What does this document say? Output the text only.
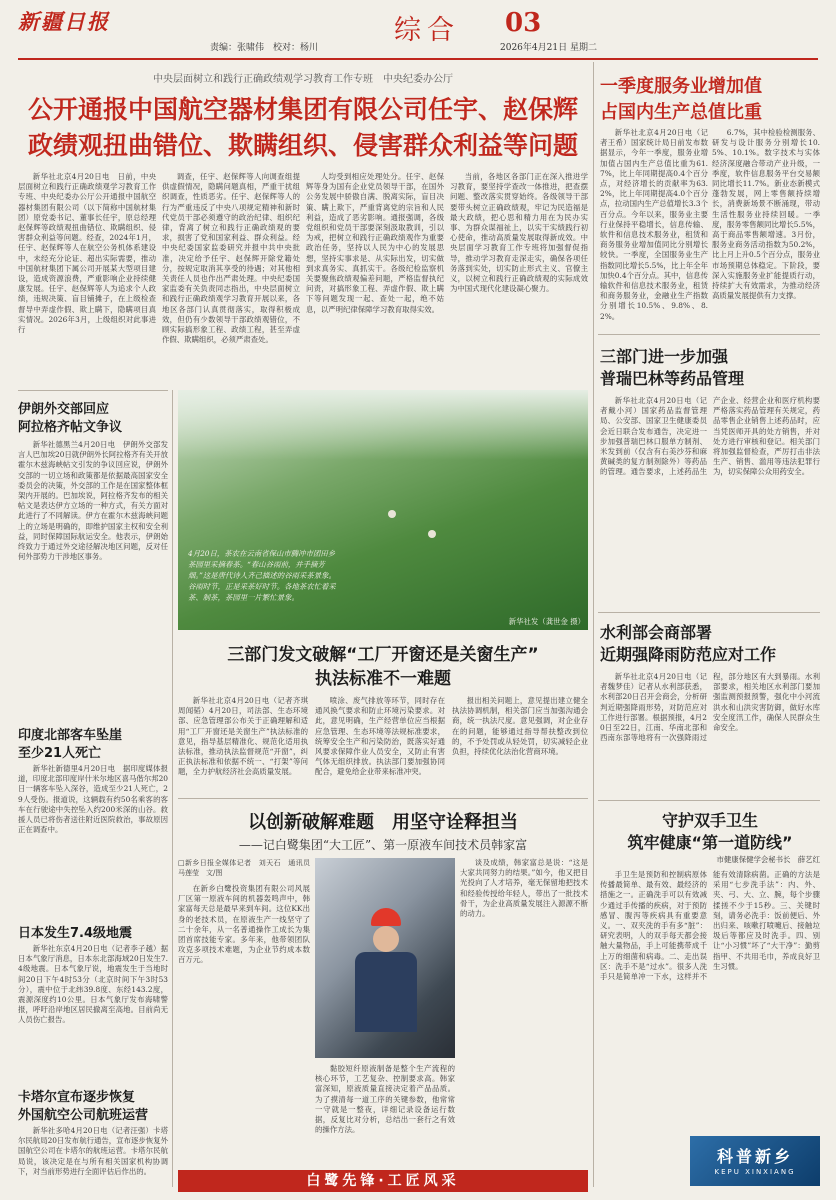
新疆日报
责编：张啸伟　校对：杨川
综合	03
2026年4月21日 星期二
中央层面树立和践行正确政绩观学习教育工作专班　中央纪委办公厅
公开通报中国航空器材集团有限公司任宇、赵保辉
政绩观扭曲错位、欺瞒组织、侵害群众利益等问题

新华社北京4月20日电　日前，中央层面树立和践行正确政绩观学习教育工作专班、中央纪委办公厅公开通报中国航空器材集团有限公司（以下简称中国航材集团）原党委书记、董事长任宇，原总经理赵保辉等政绩观扭曲错位、欺瞒组织、侵害群众利益等问题。经查，2024年1月，任宇、赵保辉等人在航空公务机体系建设中，未经充分论证、超出实际需要，推动中国航材集团下属公司开展某大型项目建设，造成资源浪费，严重影响企业持续健康发展。任宇、赵保辉等人为追求个人政绩，违规决策、盲目铺摊子，在上级检查督导中弄虚作假、欺上瞒下，隐瞒项目真实情况。2026年3月，上级组织对此事进行

调查，任宇、赵保辉等人向调查组提供虚假情况，隐瞒问题真相，严重干扰组织调查，性质恶劣。任宇、赵保辉等人的行为严重违反了中央八项规定精神和新时代党员干部必须遵守的政治纪律、组织纪律，背离了树立和践行正确政绩观的要求，损害了党和国家利益、群众利益。经中央纪委国家监委研究并报中共中央批准，决定给予任宇、赵保辉开除党籍处分，按规定取消其享受的待遇；对其他相关责任人员也作出严肃处理。中央纪委国家监委有关负责同志指出，中央层面树立和践行正确政绩观学习教育开展以来，各地区各部门认真贯彻落实，取得积极成效，但仍有少数领导干部政绩观错位，不顾实际搞形象工程、政绩工程，甚至弄虚作假、欺瞒组织，必须严肃查处。

人均受到相应处理处分。任宇、赵保辉等身为国有企业党员领导干部，在国外公务发展中骄傲自满、脱离实际，盲目决策、瞒上欺下，严重背离党的宗旨和人民利益，造成了恶劣影响。通报强调，各级党组织和党员干部要深刻汲取教训，引以为戒，把树立和践行正确政绩观作为重要政治任务，坚持以人民为中心的发展思想，坚持实事求是、从实际出发，切实做到求真务实、真抓实干。各级纪检监察机关要聚焦政绩观偏差问题，严格监督执纪问责，对搞形象工程、弄虚作假、欺上瞒下等问题发现一起、查处一起，绝不姑息，以严明纪律保障学习教育取得实效。

当前，各地区各部门正在深入推进学习教育，要坚持学查改一体推进，把查摆问题、整改落实贯穿始终。各级领导干部要带头树立正确政绩观，牢记为民造福是最大政绩，把心思和精力用在为民办实事、为群众谋福祉上，以实干实绩践行初心使命，推动高质量发展取得新成效。中央层面学习教育工作专班将加强督促指导，推动学习教育走深走实，确保各项任务落到实处，切实防止形式主义、官僚主义，以树立和践行正确政绩观的实际成效为中国式现代化建设凝心聚力。

一季度服务业增加值
占国内生产总值比重

新华社北京4月20日电（记者王希）国家统计局日前发布数据显示，今年一季度，服务业增加值占国内生产总值比重为61.7%，比上年同期提高0.4个百分点，对经济增长的贡献率为63.2%，比上年同期提高4.0个百分点，拉动国内生产总值增长3.3个百分点。今年以来，服务业主要行业保持平稳增长，信息传输、软件和信息技术服务业，租赁和商务服务业增加值同比分别增长较快。一季度，全国服务业生产指数同比增长5.5%，比上年全年加快0.4个百分点。其中，信息传输软件和信息技术服务业，租赁和商务服务业，金融业生产指数分别增长10.5%、9.8%、8.2%。

6.7%，其中检验检测服务、研发与设计服务分别增长10.5%、10.1%。数字技术与实体经济深度融合带动产业升级，一季度，软件信息服务平台交易额同比增长11.7%。新业态新模式蓬勃发展，网上零售额持续增长，消费新场景不断涌现，带动生活性服务业持续回暖。一季度，服务零售额同比增长5.5%，高于商品零售额增速。3月份，服务业商务活动指数为50.2%，比上月上升0.5个百分点，服务业市场预期总体稳定。下阶段，要深入实施服务业扩能提质行动，持续扩大有效需求，为推动经济高质量发展提供有力支撑。

伊朗外交部回应
阿拉格齐帖文争议

新华社德黑兰4月20日电　伊朗外交部发言人巴加埃20日就伊朗外长阿拉格齐有关开放霍尔木兹海峡帖文引发的争议回应说，伊朗外交部的一切立场和政策都是依据最高国家安全委员会的决策，外交部的工作是在国家整体框架内开展的。巴加埃说，阿拉格齐发布的相关帖文是表达伊方立场的一种方式，有关方面对此进行了不同解读。伊方在霍尔木兹海峡问题上的立场是明确的，即维护国家主权和安全利益，同时保障国际航运安全。他表示，伊朗始终致力于通过外交途径解决地区问题，反对任何外部势力干涉地区事务。

印度北部客车坠崖
至少21人死亡

新华社新德里4月20日电　据印度媒体报道，印度北部印度岸什米尔地区喜马偕尔邦20日一辆客车坠入深谷，造成至少21人死亡，29人受伤。报道说，这辆载有约50名乘客的客车在行驶途中失控坠入约200米深的山谷。救援人员已将伤者送往附近医院救治，事故原因正在调查中。

日本发生7.4级地震

新华社东京4月20日电（记者李子越）据日本气象厅消息，日本东北部海域20日发生7.4级地震。日本气象厅说，地震发生于当地时间20日下午4时53分（北京时间下午3时53分），震中位于北纬39.8度、东经143.2度，震源深度约10公里。日本气象厅发布海啸警报，呼吁沿岸地区居民撤离至高地。目前尚无人员伤亡报告。

卡塔尔宣布逐步恢复
外国航空公司航班运营

新华社多哈4月20日电（记者汪强）卡塔尔民航局20日发布航行通告，宣布逐步恢复外国航空公司在卡塔尔的航班运营。卡塔尔民航局说，该决定是在与所有相关国家机构协调下，对当前形势进行全面评估后作出的。

4月20日，茶农在云南省保山市腾冲市团田乡茶园里采摘春茶。“春山谷雨前，并手摘芳烟。”这是唐代诗人齐己描述的谷雨采茶景象。谷雨时节，正是采茶好时节。各地茶农忙着采茶、制茶，茶园里一片繁忙景象。
新华社发（龚世金 摄）
三部门发文破解“工厂开窗还是关窗生产”
执法标准不一难题

新华社北京4月20日电（记者齐琪 周闻韬）4月20日，司法部、生态环境部、应急管理部公布关于正确理解和适用“工厂开窗还是关窗生产”执法标准的意见，指导基层精准化、规范化适用执法标准，推动执法监督规范“开窗”，纠正执法标准和依据不统一、“打架”等问题，全力护航经济社会高质量发展。

喷涂、废气排放等环节，同时存在通风换气要求和防止环境污染要求。对此，意见明确，生产经营单位应当根据应急管理、生态环境等法规标准要求，统筹安全生产和污染防治，既落实好通风要求保障作业人员安全，又防止有害气体无组织排放。执法部门要加强协同配合，避免给企业带来标准冲突。

报出相关问题上，意见提出建立健全执法协调机制，相关部门应当加强沟通会商，统一执法尺度。意见强调，对企业存在的问题，能够通过指导帮扶整改到位的，不予处罚或从轻处罚，切实减轻企业负担，持续优化法治化营商环境。

以创新破解难题　用坚守诠释担当
——记白鹭集团“大工匠”、第一原液车间技术员韩家富
□新乡日报全媒体记者　刘天石　通讯员　马莲莹　文/图

在新乡白鹭投资集团有限公司风展厂区第一原液车间的机器轰鸣声中，韩家富每天总是最早来到车间。这位KK出身的老技术员，在原液生产一线坚守了二十余年，从一名普通操作工成长为集团首席技能专家。多年来，他带领团队攻克多项技术难题，为企业节约成本数百万元。

黏胶短纤原液制备是整个生产流程的核心环节，工艺复杂、控制要求高。韩家富深知，原液质量直接决定着产品品质。为了摸清每一道工序的关键参数，他常常一守就是一整夜，详细记录设备运行数据，反复比对分析，总结出一套行之有效的操作方法。

谈及成绩，韩家富总是说：“这是大家共同努力的结果。”如今，他又把目光投向了人才培养，毫无保留地把技术和经验传授给年轻人，带出了一批技术骨干，为企业高质量发展注入源源不断的动力。

白鹭先锋·工匠风采
三部门进一步加强
普瑞巴林等药品管理

新华社北京4月20日电（记者戴小河）国家药品监督管理局、公安部、国家卫生健康委员会近日联合发布通告，决定进一步加强普瑞巴林口服单方制剂、米发到前（仅含有右美沙芬和麻黄碱类的复方制剂除外）等药品的管理。通告要求，上述药品生产企业、经营企业和医疗机构要严格落实药品管理有关规定，药品零售企业销售上述药品时，应当凭医师开具的处方销售，并对处方进行审核和登记。相关部门将加强监督检查，严厉打击非法生产、销售、滥用等违法犯罪行为，切实保障公众用药安全。

水利部会商部署
近期强降雨防范应对工作

新华社北京4月20日电（记者魏梦佳）记者从水利部获悉，水利部20日召开会商会，分析研判近期强降雨形势，对防范应对工作进行部署。根据预报，4月20日至22日，江南、华南北部和西南东部等地将有一次强降雨过程，部分地区有大到暴雨。水利部要求，相关地区水利部门要加强监测预报预警，强化中小河流洪水和山洪灾害防御，做好水库安全度汛工作，确保人民群众生命安全。

守护双手卫生
筑牢健康“第一道防线”
市健康保健学会秘书长　薛艺红

手卫生是预防和控制病原体传播最简单、最有效、最经济的措施之一。正确洗手可以有效减少通过手传播的疾病，对于预防感冒、腹泻等疾病具有重要意义。一、双夹洗的手有多“脏”：研究表明，人的双手每天都会接触大量物品，手上可能携带成千上万的细菌和病毒。二、走出误区：洗手不是“过水”。很多人洗手只是简单冲一下水，这样并不能有效清除病菌。正确的方法是采用“七步洗手法”：内、外、夹、弓、大、立、腕，每个步骤揉搓不少于15秒。三、关键时刻，请务必洗手：饭前便后、外出归来、咳嗽打喷嚏后、接触垃圾后等都应及时洗手。四、别让“小习惯”坏了“大干净”：勤剪指甲、不共用毛巾，养成良好卫生习惯。

科普新乡
KEPU XINXIANG
